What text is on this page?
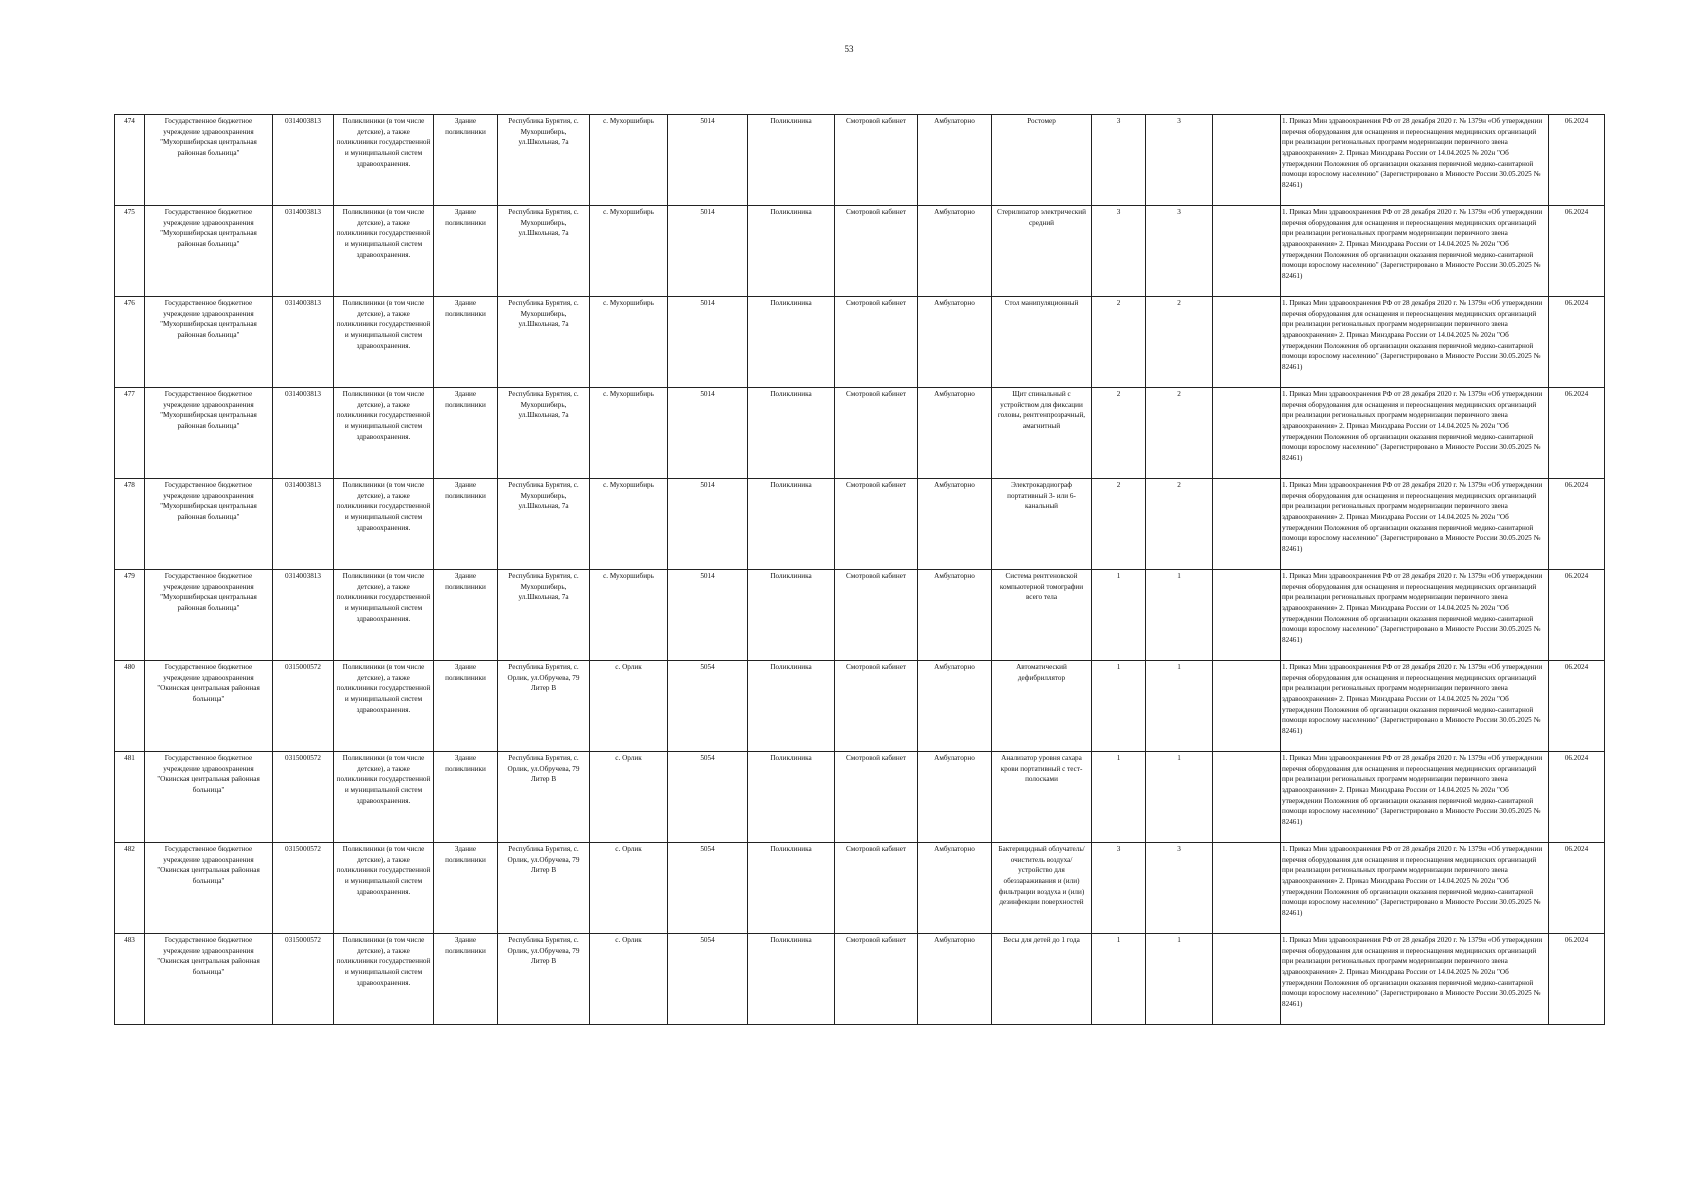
53
474	Государственное бюджетное учреждение здравоохранения "Мухоршибирская центральная районная больница"	0314003813	Поликлиники (в том числе детские), а также поликлиники государственной и муниципальной систем здравоохранения.	Здание поликлиники	Республика Бурятия, с. Мухоршибирь, ул.Школьная, 7а	с. Мухоршибирь	5014	Поликлиника	Смотровой кабинет	Амбулаторно	Ростомер	3	3		1. Приказ Мин здравоохранения РФ от 28 декабря 2020 г. № 1379н «Об утверждении перечня оборудования для оснащения и переоснащения медицинских организаций при реализации региональных программ модернизации первичного звена здравоохранения» 2. Приказ Минздрава России от 14.04.2025 № 202н "Об утверждении Положения об организации оказания первичной медико-санитарной помощи взрослому населению" (Зарегистрировано в Минюсте России 30.05.2025 № 82461)	06.2024
475	Государственное бюджетное учреждение здравоохранения "Мухоршибирская центральная районная больница"	0314003813	Поликлиники (в том числе детские), а также поликлиники государственной и муниципальной систем здравоохранения.	Здание поликлиники	Республика Бурятия, с. Мухоршибирь, ул.Школьная, 7а	с. Мухоршибирь	5014	Поликлиника	Смотровой кабинет	Амбулаторно	Стерилизатор электрический средний	3	3		1. Приказ Мин здравоохранения РФ от 28 декабря 2020 г. № 1379н «Об утверждении перечня оборудования для оснащения и переоснащения медицинских организаций при реализации региональных программ модернизации первичного звена здравоохранения» 2. Приказ Минздрава России от 14.04.2025 № 202н "Об утверждении Положения об организации оказания первичной медико-санитарной помощи взрослому населению" (Зарегистрировано в Минюсте России 30.05.2025 № 82461)	06.2024
476	Государственное бюджетное учреждение здравоохранения "Мухоршибирская центральная районная больница"	0314003813	Поликлиники (в том числе детские), а также поликлиники государственной и муниципальной систем здравоохранения.	Здание поликлиники	Республика Бурятия, с. Мухоршибирь, ул.Школьная, 7а	с. Мухоршибирь	5014	Поликлиника	Смотровой кабинет	Амбулаторно	Стол манипуляционный	2	2		1. Приказ Мин здравоохранения РФ от 28 декабря 2020 г. № 1379н «Об утверждении перечня оборудования для оснащения и переоснащения медицинских организаций при реализации региональных программ модернизации первичного звена здравоохранения» 2. Приказ Минздрава России от 14.04.2025 № 202н "Об утверждении Положения об организации оказания первичной медико-санитарной помощи взрослому населению" (Зарегистрировано в Минюсте России 30.05.2025 № 82461)	06.2024
477	Государственное бюджетное учреждение здравоохранения "Мухоршибирская центральная районная больница"	0314003813	Поликлиники (в том числе детские), а также поликлиники государственной и муниципальной систем здравоохранения.	Здание поликлиники	Республика Бурятия, с. Мухоршибирь, ул.Школьная, 7а	с. Мухоршибирь	5014	Поликлиника	Смотровой кабинет	Амбулаторно	Щит спинальный с устройством для фиксации головы, рентгенпрозрачный, амагнитный	2	2		1. Приказ Мин здравоохранения РФ от 28 декабря 2020 г. № 1379н «Об утверждении перечня оборудования для оснащения и переоснащения медицинских организаций при реализации региональных программ модернизации первичного звена здравоохранения» 2. Приказ Минздрава России от 14.04.2025 № 202н "Об утверждении Положения об организации оказания первичной медико-санитарной помощи взрослому населению" (Зарегистрировано в Минюсте России 30.05.2025 № 82461)	06.2024
478	Государственное бюджетное учреждение здравоохранения "Мухоршибирская центральная районная больница"	0314003813	Поликлиники (в том числе детские), а также поликлиники государственной и муниципальной систем здравоохранения.	Здание поликлиники	Республика Бурятия, с. Мухоршибирь, ул.Школьная, 7а	с. Мухоршибирь	5014	Поликлиника	Смотровой кабинет	Амбулаторно	Электрокардиограф портативный 3- или 6-канальный	2	2		1. Приказ Мин здравоохранения РФ от 28 декабря 2020 г. № 1379н «Об утверждении перечня оборудования для оснащения и переоснащения медицинских организаций при реализации региональных программ модернизации первичного звена здравоохранения» 2. Приказ Минздрава России от 14.04.2025 № 202н "Об утверждении Положения об организации оказания первичной медико-санитарной помощи взрослому населению" (Зарегистрировано в Минюсте России 30.05.2025 № 82461)	06.2024
479	Государственное бюджетное учреждение здравоохранения "Мухоршибирская центральная районная больница"	0314003813	Поликлиники (в том числе детские), а также поликлиники государственной и муниципальной систем здравоохранения.	Здание поликлиники	Республика Бурятия, с. Мухоршибирь, ул.Школьная, 7а	с. Мухоршибирь	5014	Поликлиника	Смотровой кабинет	Амбулаторно	Система рентгеновской компьютерной томографии всего тела	1	1		1. Приказ Мин здравоохранения РФ от 28 декабря 2020 г. № 1379н «Об утверждении перечня оборудования для оснащения и переоснащения медицинских организаций при реализации региональных программ модернизации первичного звена здравоохранения» 2. Приказ Минздрава России от 14.04.2025 № 202н "Об утверждении Положения об организации оказания первичной медико-санитарной помощи взрослому населению" (Зарегистрировано в Минюсте России 30.05.2025 № 82461)	06.2024
480	Государственное бюджетное учреждение здравоохранения "Окинская центральная районная больница"	0315000572	Поликлиники (в том числе детские), а также поликлиники государственной и муниципальной систем здравоохранения.	Здание поликлиники	Республика Бурятия, с. Орлик, ул.Обручева, 79 Литер В	с. Орлик	5054	Поликлиника	Смотровой кабинет	Амбулаторно	Автоматический дефибриллятор	1	1		1. Приказ Мин здравоохранения РФ от 28 декабря 2020 г. № 1379н «Об утверждении перечня оборудования для оснащения и переоснащения медицинских организаций при реализации региональных программ модернизации первичного звена здравоохранения» 2. Приказ Минздрава России от 14.04.2025 № 202н "Об утверждении Положения об организации оказания первичной медико-санитарной помощи взрослому населению" (Зарегистрировано в Минюсте России 30.05.2025 № 82461)	06.2024
481	Государственное бюджетное учреждение здравоохранения "Окинская центральная районная больница"	0315000572	Поликлиники (в том числе детские), а также поликлиники государственной и муниципальной систем здравоохранения.	Здание поликлиники	Республика Бурятия, с. Орлик, ул.Обручева, 79 Литер В	с. Орлик	5054	Поликлиника	Смотровой кабинет	Амбулаторно	Анализатор уровня сахара крови портативный с тест-полосками	1	1		1. Приказ Мин здравоохранения РФ от 28 декабря 2020 г. № 1379н «Об утверждении перечня оборудования для оснащения и переоснащения медицинских организаций при реализации региональных программ модернизации первичного звена здравоохранения» 2. Приказ Минздрава России от 14.04.2025 № 202н "Об утверждении Положения об организации оказания первичной медико-санитарной помощи взрослому населению" (Зарегистрировано в Минюсте России 30.05.2025 № 82461)	06.2024
482	Государственное бюджетное учреждение здравоохранения "Окинская центральная районная больница"	0315000572	Поликлиники (в том числе детские), а также поликлиники государственной и муниципальной систем здравоохранения.	Здание поликлиники	Республика Бурятия, с. Орлик, ул.Обручева, 79 Литер В	с. Орлик	5054	Поликлиника	Смотровой кабинет	Амбулаторно	Бактерицидный облучатель/очиститель воздуха/устройство для обеззараживания и (или) фильтрации воздуха и (или) дезинфекции поверхностей	3	3		1. Приказ Мин здравоохранения РФ от 28 декабря 2020 г. № 1379н «Об утверждении перечня оборудования для оснащения и переоснащения медицинских организаций при реализации региональных программ модернизации первичного звена здравоохранения» 2. Приказ Минздрава России от 14.04.2025 № 202н "Об утверждении Положения об организации оказания первичной медико-санитарной помощи взрослому населению" (Зарегистрировано в Минюсте России 30.05.2025 № 82461)	06.2024
483	Государственное бюджетное учреждение здравоохранения "Окинская центральная районная больница"	0315000572	Поликлиники (в том числе детские), а также поликлиники государственной и муниципальной систем здравоохранения.	Здание поликлиники	Республика Бурятия, с. Орлик, ул.Обручева, 79 Литер В	с. Орлик	5054	Поликлиника	Смотровой кабинет	Амбулаторно	Весы для детей до 1 года	1	1		1. Приказ Мин здравоохранения РФ от 28 декабря 2020 г. № 1379н «Об утверждении перечня оборудования для оснащения и переоснащения медицинских организаций при реализации региональных программ модернизации первичного звена здравоохранения» 2. Приказ Минздрава России от 14.04.2025 № 202н "Об утверждении Положения об организации оказания первичной медико-санитарной помощи взрослому населению" (Зарегистрировано в Минюсте России 30.05.2025 № 82461)	06.2024
